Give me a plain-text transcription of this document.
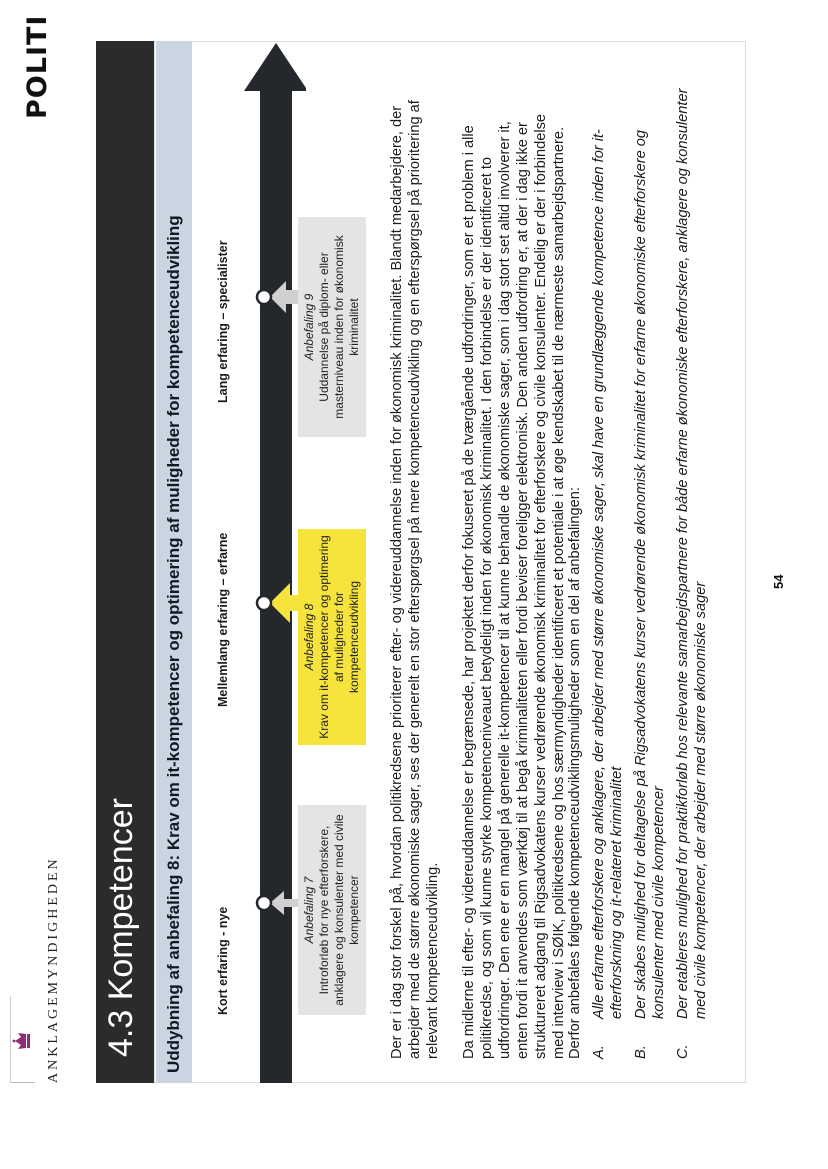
ANKLAGEMYNDIGHEDEN
POLITI
4.3 Kompetencer Uddybning af anbefaling 8: Krav om it-kompetencer og optimering af muligheder for kompetenceudvikling	Kort erfaring - nye
Mellemlang erfaring – erfarne
Lang erfaring – specialister
Anbefaling 7 Introforløb for nye efterforskere, anklagere og konsulenter med civile kompetencer
Anbefaling 8 Krav om it-kompetencer og optimering af muligheder for kompetenceudvikling
Anbefaling 9 Uddannelse på diplom- eller masterniveau inden for økonomisk kriminalitet	Der er i dag stor forskel på, hvordan politikredsene prioriterer efter- og videreuddannelse inden for økonomisk kriminalitet. Blandt medarbejdere, der arbejder med de større økonomiske sager, ses der generelt en stor efterspørgsel på mere kompetenceudvikling og en efterspørgsel på prioritering af relevant kompetenceudvikling. Da midlerne til efter- og videreuddannelse er begrænsede, har projektet derfor fokuseret på de tværgående udfordringer, som er et problem i alle politikredse, og som vil kunne styrke kompetenceniveauet betydeligt inden for økonomisk kriminalitet. I den forbindelse er der identificeret to udfordringer. Den ene er en mangel på generelle it-kompetencer til at kunne behandle de økonomiske sager, som i dag stort set altid involverer it, enten fordi it anvendes som værktøj til at begå kriminaliteten eller fordi beviser foreligger elektronisk. Den anden udfordring er, at der i dag ikke er struktureret adgang til Rigsadvokatens kurser vedrørende økonomisk kriminalitet for efterforskere og civile konsulenter. Endelig er der i forbindelse med interview i SØIK, politikredsene og hos særmyndigheder identificeret et potentiale i at øge kendskabet til de nærmeste samarbejdspartnere. Derfor anbefales følgende kompetenceudviklingsmuligheder som en del af anbefalingen: A.
Alle erfarne efterforskere og anklagere, der arbejder med større økonomiske sager, skal have en grundlæggende kompetence inden for it-efterforskning og it-relateret kriminalitet
B.
Der skabes mulighed for deltagelse på Rigsadvokatens kurser vedrørende økonomisk kriminalitet for erfarne økonomiske efterforskere og konsulenter med civile kompetencer
C.
Der etableres mulighed for praktikforløb hos relevante samarbejdspartnere for både erfarne økonomiske efterforskere, anklagere og konsulenter med civile kompetencer, der arbejder med større økonomiske sager
54
